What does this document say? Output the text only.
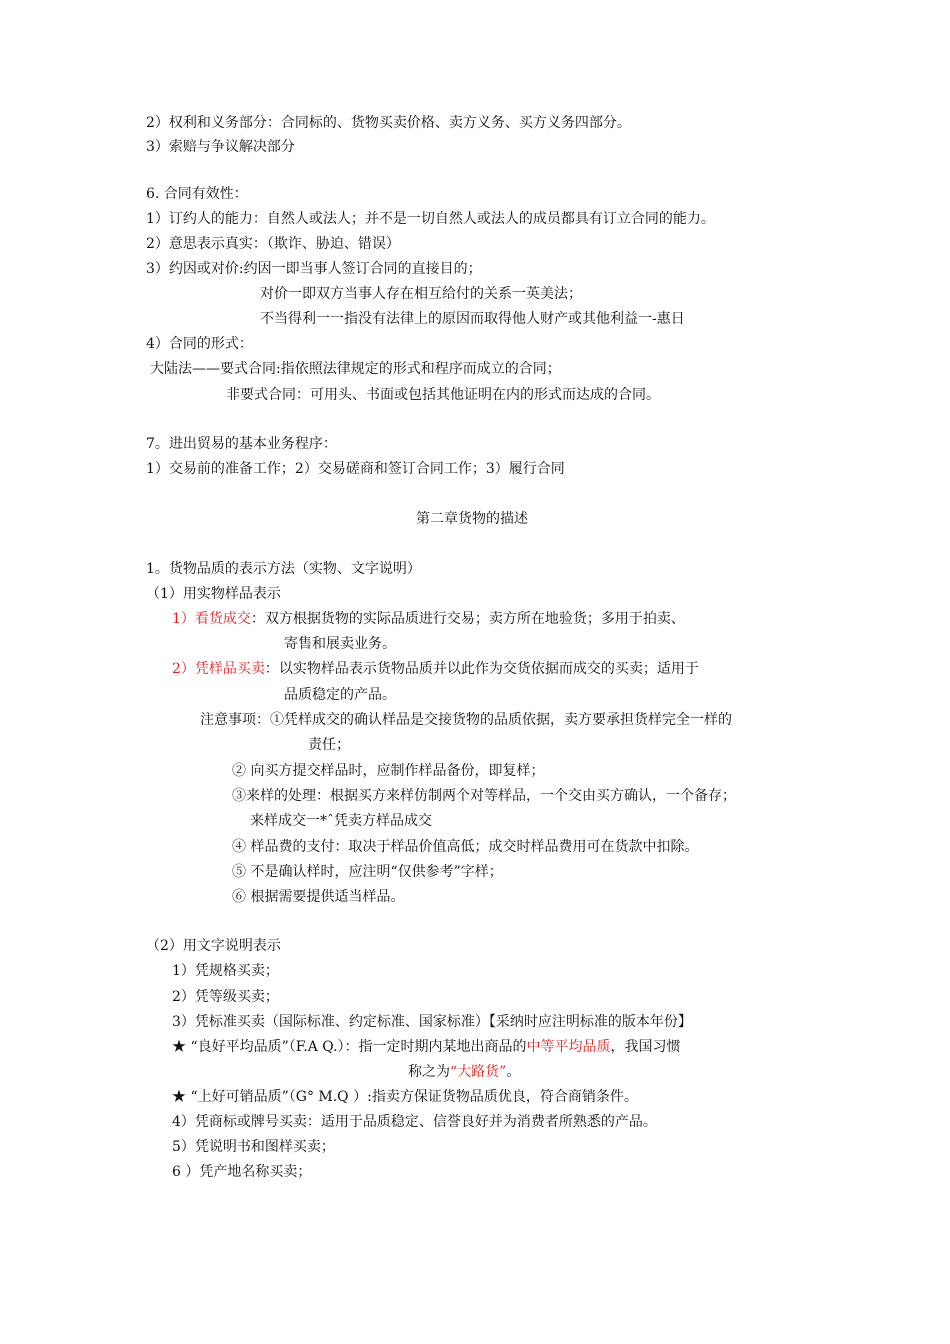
2）权利和义务部分：合同标的、货物买卖价格、卖方义务、买方义务四部分。
3）索赔与争议解决部分
6. 合同有效性：
1）订约人的能力：自然人或法人；并不是一切自然人或法人的成员都具有订立合同的能力。
2）意思表示真实：（欺诈、胁迫、错误）
3）约因或对价:约因一即当事人签订合同的直接目的；
对价一即双方当事人存在相互给付的关系一英美法；
不当得利一一指没有法律上的原因而取得他人财产或其他利益一-惠日
4）合同的形式：
大陆法——要式合同:指依照法律规定的形式和程序而成立的合同；
非要式合同：可用头、书面或包括其他证明在内的形式而达成的合同。
7。进出贸易的基本业务程序：
1）交易前的准备工作；2）交易磋商和签订合同工作；3）履行合同
第二章货物的描述
1。货物品质的表示方法（实物、文字说明）
（1）用实物样品表示
1）看货成交：双方根据货物的实际品质进行交易；卖方所在地验货；多用于拍卖、
寄售和展卖业务。
2）凭样品买卖：以实物样品表示货物品质并以此作为交货依据而成交的买卖；适用于
品质稳定的产品。
注意事项：①凭样成交的确认样品是交接货物的品质依据，卖方要承担货样完全一样的
责任；
② 向买方提交样品时，应制作样品备份，即复样；
③来样的处理：根据买方来样仿制两个对等样品，一个交由买方确认，一个备存；
来样成交一*ˆ凭卖方样品成交
④ 样品费的支付：取决于样品价值高低；成交时样品费用可在货款中扣除。
⑤ 不是确认样时，应注明“仅供参考”字样；
⑥ 根据需要提供适当样品。
（2）用文字说明表示
1）凭规格买卖；
2）凭等级买卖；
3）凭标准买卖（国际标准、约定标准、国家标准）【采纳时应注明标准的版本年份】
★ “良好平均品质”（F.A Q.）：指一定时期内某地出商品的中等平均品质，我国习惯
称之为“大路货”。
★ “上好可销品质”（G° M.Q ）:指卖方保证货物品质优良，符合商销条件。
4）凭商标或牌号买卖：适用于品质稳定、信誉良好并为消费者所熟悉的产品。
5）凭说明书和图样买卖；
6 ）凭产地名称买卖；
